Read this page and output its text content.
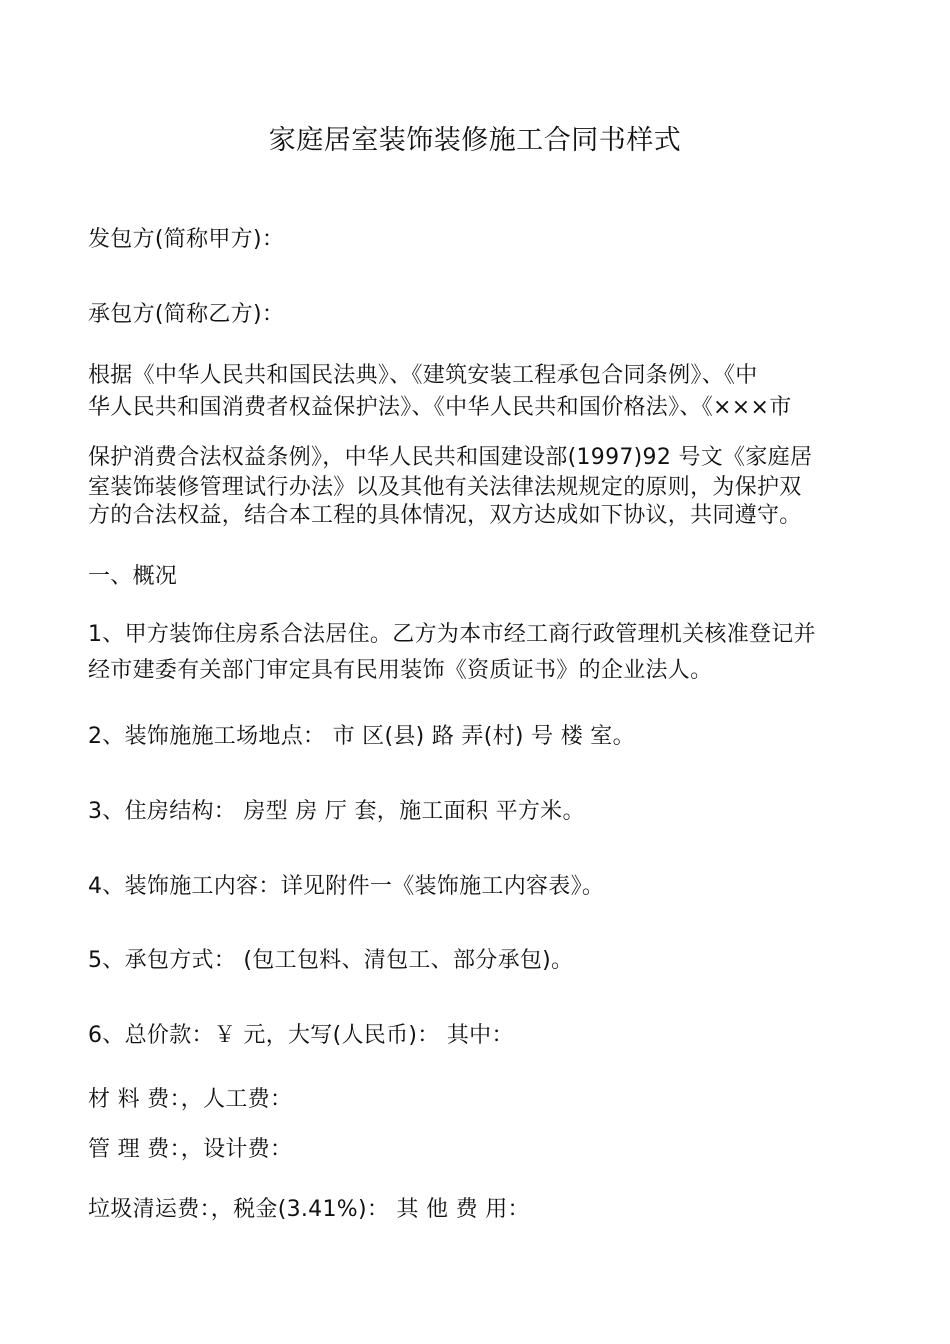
家庭居室装饰装修施工合同书样式
发包方(简称甲方)：
承包方(简称乙方)：
根据《中华人民共和国民法典》、《建筑安装工程承包合同条例》、《中
华人民共和国消费者权益保护法》、《中华人民共和国价格法》、《×××市
保护消费合法权益条例》，中华人民共和国建设部(1997)92 号文《家庭居
室装饰装修管理试行办法》以及其他有关法律法规规定的原则，为保护双
方的合法权益，结合本工程的具体情况，双方达成如下协议，共同遵守。
一、概况
1、甲方装饰住房系合法居住。乙方为本市经工商行政管理机关核准登记并
经市建委有关部门审定具有民用装饰《资质证书》的企业法人。
2、装饰施施工场地点： 市 区(县) 路 弄(村) 号 楼 室。
3、住房结构： 房型 房 厅 套，施工面积 平方米。
4、装饰施工内容：详见附件一《装饰施工内容表》。
5、承包方式： (包工包料、清包工、部分承包)。
6、总价款：￥ 元，大写(人民币)： 其中：
材 料 费：，人工费：
管 理 费：，设计费：
垃圾清运费：，税金(3.41%)： 其 他 费 用：
